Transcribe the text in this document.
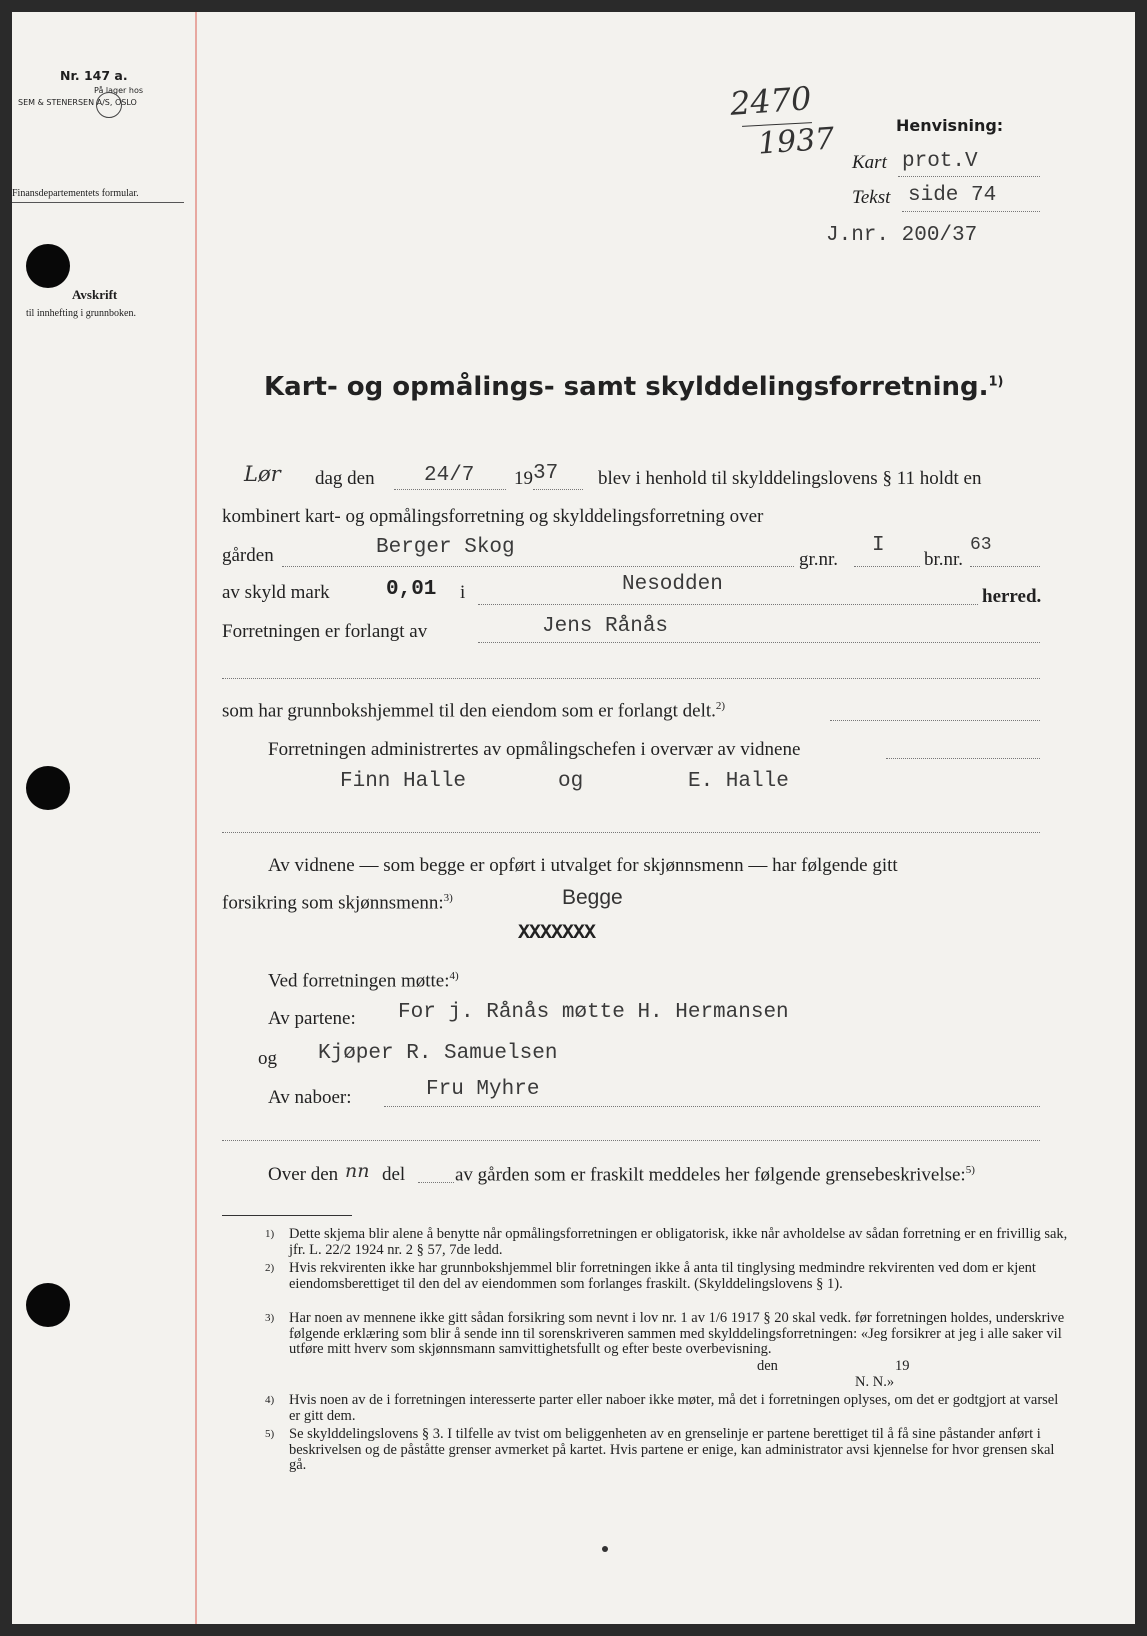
Nr. 147 a.
På lager hos
SEM & STENERSEN A/S, OSLO
Finansdepartementets formular.
Avskrift
til innhefting i grunnboken.
2470
1937	Henvisning:
Kart prot.V
Tekst side 74
J.nr. 200/37
Kart- og opmålings- samt skylddelingsforretning.$^{1)}$
Lør dag den 24/7 19 37 blev i henhold til skylddelingslovens § 11 holdt en
kombinert kart- og opmålingsforretning og skylddelingsforretning over
gården	Berger Skog
gr.nr.
I
br.nr.
63
av skyld mark	0,01 i	Nesodden
herred.
Forretningen er forlangt av	Jens Rånås
som har grunnbokshjemmel til den eiendom som er forlangt delt.$^{2)}$
Forretningen administrertes av opmålingschefen i overvær av vidnene
Finn Halle	og	E. Halle
Av vidnene — som begge er opført i utvalget for skjønnsmenn — har følgende gitt
forsikring som skjønnsmenn:$^{3)}$	Begge
XXXXXXX
Ved forretningen møtte:$^{4)}$
Av partene: For j. Rånås møtte H. Hermansen
og Kjøper R. Samuelsen
Av naboer:	Fru Myhre
Over den nn del	av gården som er fraskilt meddeles her følgende grensebeskrivelse:$^{5)}$
1) Dette skjema blir alene å benytte når opmålingsforretningen er obligatorisk, ikke når avholdelse av sådan forretning er en frivillig sak, jfr. L. 22/2 1924 nr. 2 § 57, 7de ledd.
2) Hvis rekvirenten ikke har grunnbokshjemmel blir forretningen ikke å anta til tinglysing medmindre rekvirenten ved dom er kjent eiendomsberettiget til den del av eiendommen som forlanges fraskilt. (Skylddelingslovens § 1).
3) Har noen av mennene ikke gitt sådan forsikring som nevnt i lov nr. 1 av 1/6 1917 § 20 skal vedk. før forretningen holdes, underskrive følgende erklæring som blir å sende inn til sorenskriveren sammen med skylddelingsforretningen: «Jeg forsikrer at jeg i alle saker vil utføre mitt hverv som skjønnsmann samvittighetsfullt og efter beste overbevisning.
den	19
N. N.»
4) Hvis noen av de i forretningen interesserte parter eller naboer ikke møter, må det i forretningen oplyses, om det er godtgjort at varsel er gitt dem.
5) Se skylddelingslovens § 3. I tilfelle av tvist om beliggenheten av en grenselinje er partene berettiget til å få sine påstander anført i beskrivelsen og de påståtte grenser avmerket på kartet. Hvis partene er enige, kan administrator avsi kjennelse for hvor grensen skal gå.
